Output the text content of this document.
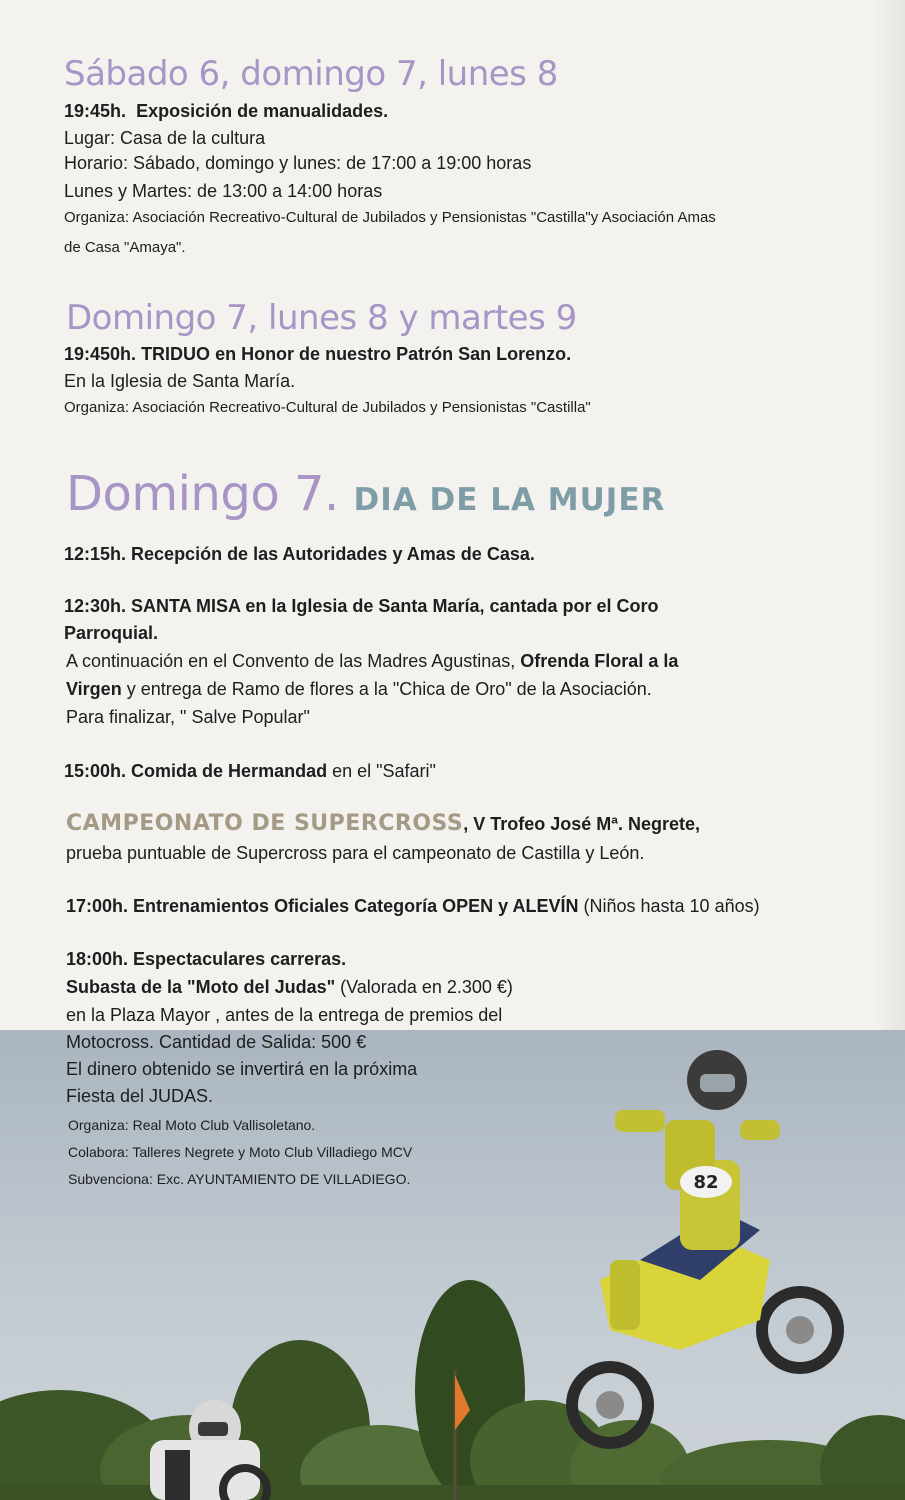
82
Sábado 6, domingo 7, lunes 8
19:45h. Exposición de manualidades.
Lugar: Casa de la cultura
Horario: Sábado, domingo y lunes: de 17:00 a 19:00 horas
Lunes y Martes: de 13:00 a 14:00 horas
Organiza: Asociación Recreativo-Cultural de Jubilados y Pensionistas "Castilla"y Asociación Amas
de Casa "Amaya".
Domingo 7, lunes 8 y martes 9
19:450h. TRIDUO en Honor de nuestro Patrón San Lorenzo.
En la Iglesia de Santa María.
Organiza: Asociación Recreativo-Cultural de Jubilados y Pensionistas "Castilla"
Domingo 7. DIA DE LA MUJER
12:15h. Recepción de las Autoridades y Amas de Casa.
12:30h. SANTA MISA en la Iglesia de Santa María, cantada por el Coro
Parroquial.
A continuación en el Convento de las Madres Agustinas, Ofrenda Floral a la
Virgen y entrega de Ramo de flores a la "Chica de Oro" de la Asociación.
Para finalizar, " Salve Popular"
15:00h. Comida de Hermandad en el "Safari"
CAMPEONATO DE SUPERCROSS, V Trofeo José Mª. Negrete,
prueba puntuable de Supercross para el campeonato de Castilla y León.
17:00h. Entrenamientos Oficiales Categoría OPEN y ALEVÍN (Niños hasta 10 años)
18:00h. Espectaculares carreras.
Subasta de la "Moto del Judas" (Valorada en 2.300 €)
en la Plaza Mayor , antes de la entrega de premios del
Motocross. Cantidad de Salida: 500 €
El dinero obtenido se invertirá en la próxima
Fiesta del JUDAS.
Organiza: Real Moto Club Vallisoletano.
Colabora: Talleres Negrete y Moto Club Villadiego MCV
Subvenciona: Exc. AYUNTAMIENTO DE VILLADIEGO.
